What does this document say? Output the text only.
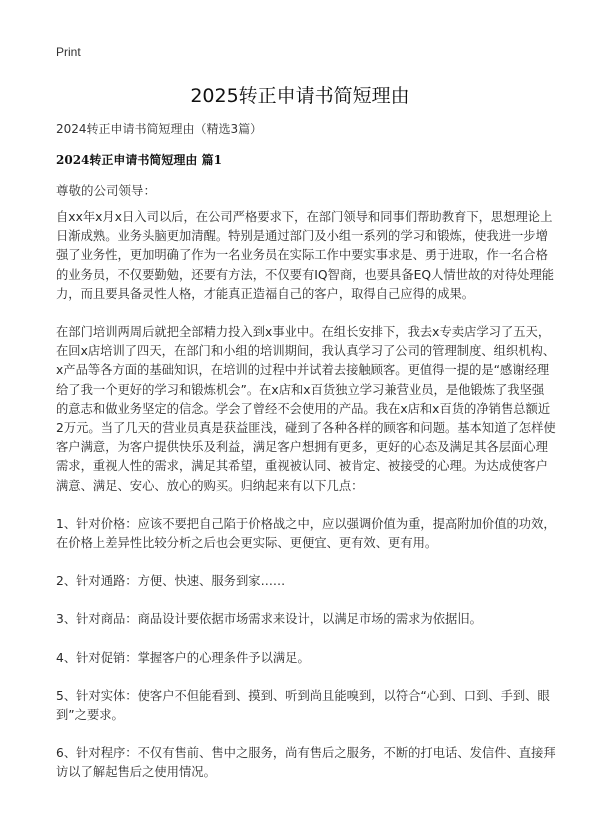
Print
2025转正申请书简短理由
2024转正申请书简短理由（精选3篇）
2024转正申请书简短理由 篇1
尊敬的公司领导：

自xx年x月x日入司以后，在公司严格要求下，在部门领导和同事们帮助教育下，思想理论上日渐成熟。业务头脑更加清醒。特别是通过部门及小组一系列的学习和锻炼，使我进一步增强了业务性，更加明确了作为一名业务员在实际工作中要实事求是、勇于进取，作一名合格的业务员，不仅要勤勉，还要有方法，不仅要有IQ智商，也要具备EQ人情世故的对待处理能力，而且要具备灵性人格，才能真正造福自己的客户，取得自己应得的成果。

在部门培训两周后就把全部精力投入到x事业中。在组长安排下，我去x专卖店学习了五天，在回x店培训了四天，在部门和小组的培训期间，我认真学习了公司的管理制度、组织机构、x产品等各方面的基础知识，在培训的过程中并试着去接触顾客。更值得一提的是“感谢经理给了我一个更好的学习和锻炼机会”。在x店和x百货独立学习兼营业员，是他锻炼了我坚强的意志和做业务坚定的信念。学会了曾经不会使用的产品。我在x店和x百货的净销售总额近2万元。当了几天的营业员真是获益匪浅，碰到了各种各样的顾客和问题。基本知道了怎样使客户满意，为客户提供快乐及利益，满足客户想拥有更多，更好的心态及满足其各层面心理需求，重视人性的需求，满足其希望，重视被认同、被肯定、被接受的心理。为达成使客户满意、满足、安心、放心的购买。归纳起来有以下几点：

1、针对价格：应该不要把自己陷于价格战之中，应以强调价值为重，提高附加价值的功效，在价格上差异性比较分析之后也会更实际、更便宜、更有效、更有用。

2、针对通路：方便、快速、服务到家……

3、针对商品：商品设计要依据市场需求来设计，以满足市场的需求为依据旧。

4、针对促销：掌握客户的心理条件予以满足。

5、针对实体：使客户不但能看到、摸到、听到尚且能嗅到，以符合“心到、口到、手到、眼到”之要求。

6、针对程序：不仅有售前、售中之服务，尚有售后之服务，不断的打电话、发信件、直接拜访以了解起售后之使用情况。
